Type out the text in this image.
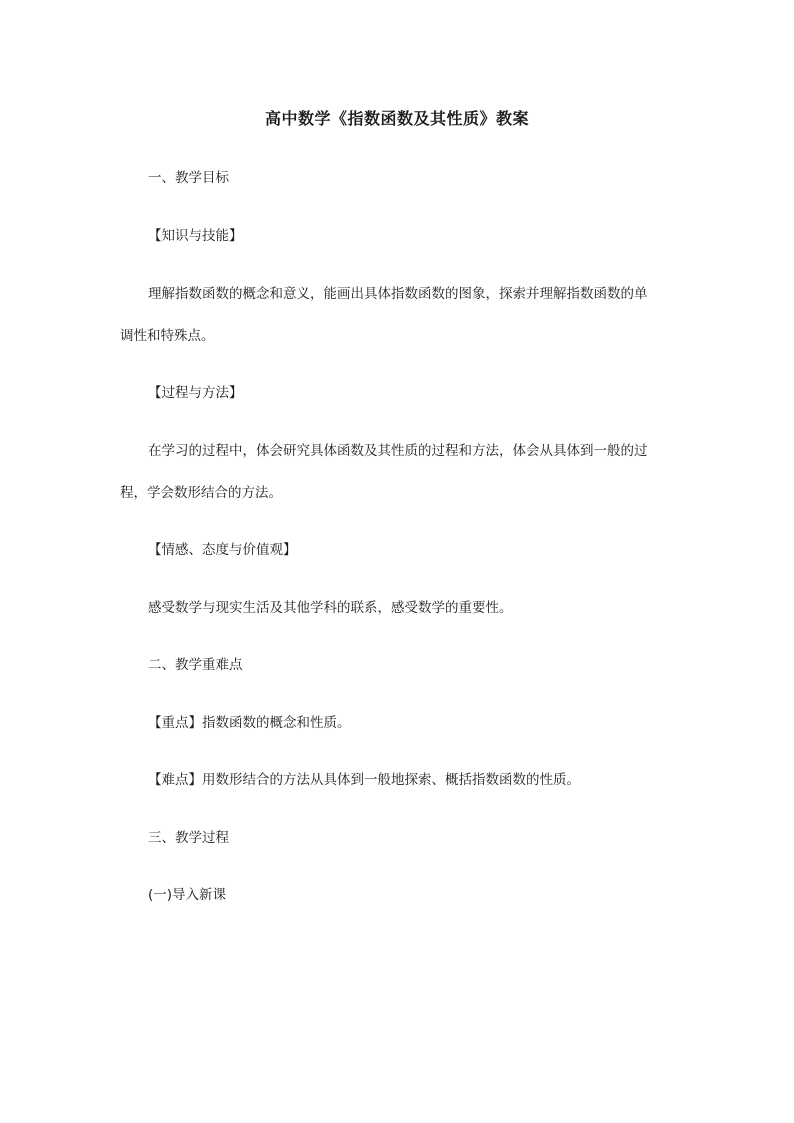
高中数学《指数函数及其性质》教案
一、教学目标
【知识与技能】
理解指数函数的概念和意义，能画出具体指数函数的图象，探索并理解指数函数的单
调性和特殊点。
【过程与方法】
在学习的过程中，体会研究具体函数及其性质的过程和方法，体会从具体到一般的过
程，学会数形结合的方法。
【情感、态度与价值观】
感受数学与现实生活及其他学科的联系，感受数学的重要性。
二、教学重难点
【重点】指数函数的概念和性质。
【难点】用数形结合的方法从具体到一般地探索、概括指数函数的性质。
三、教学过程
(一)导入新课
